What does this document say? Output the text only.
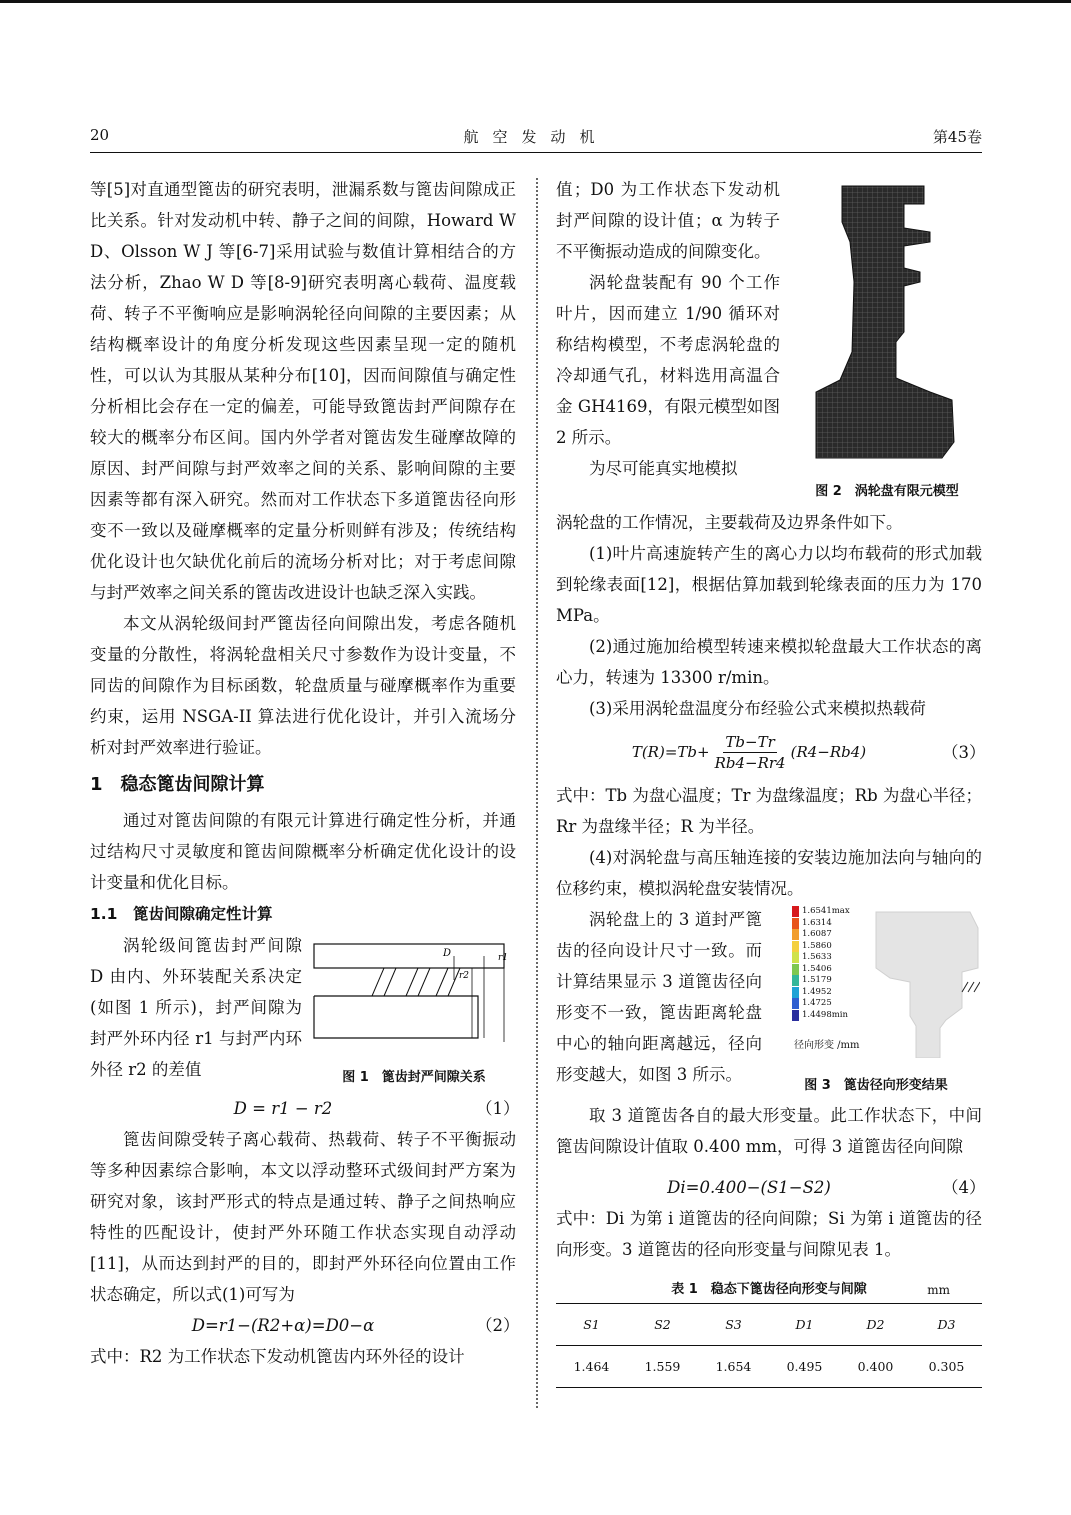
20	航空发动机	第45卷

等[5]对直通型篦齿的研究表明，泄漏系数与篦齿间隙成正比关系。针对发动机中转、静子之间的间隙，Howard W D、Olsson W J 等[6-7]采用试验与数值计算相结合的方法分析，Zhao W D 等[8-9]研究表明离心载荷、温度载荷、转子不平衡响应是影响涡轮径向间隙的主要因素；从结构概率设计的角度分析发现这些因素呈现一定的随机性，可以认为其服从某种分布[10]，因而间隙值与确定性分析相比会存在一定的偏差，可能导致篦齿封严间隙存在较大的概率分布区间。国内外学者对篦齿发生碰摩故障的原因、封严间隙与封严效率之间的关系、影响间隙的主要因素等都有深入研究。然而对工作状态下多道篦齿径向形变不一致以及碰摩概率的定量分析则鲜有涉及；传统结构优化设计也欠缺优化前后的流场分析对比；对于考虑间隙与封严效率之间关系的篦齿改进设计也缺乏深入实践。

本文从涡轮级间封严篦齿径向间隙出发，考虑各随机变量的分散性，将涡轮盘相关尺寸参数作为设计变量，不同齿的间隙作为目标函数，轮盘质量与碰摩概率作为重要约束，运用 NSGA-II 算法进行优化设计，并引入流场分析对封严效率进行验证。

1　稳态篦齿间隙计算

通过对篦齿间隙的有限元计算进行确定性分析，并通过结构尺寸灵敏度和篦齿间隙概率分析确定优化设计的设计变量和优化目标。

1.1　篦齿间隙确定性计算

涡轮级间篦齿封严间隙 D 由内、外环装配关系决定(如图 1 所示)，封严间隙为封严外环内径 r1 与封严内环外径 r2 的差值

D
r2
r1
图 1　篦齿封严间隙关系
D = r1 − r2	（1）

篦齿间隙受转子离心载荷、热载荷、转子不平衡振动等多种因素综合影响，本文以浮动整环式级间封严方案为研究对象，该封严形式的特点是通过转、静子之间热响应特性的匹配设计，使封严外环随工作状态实现自动浮动[11]，从而达到封严的目的，即封严外环径向位置由工作状态确定，所以式(1)可写为

D=r1−(R2+α)=D0−α	（2）

式中：R2 为工作状态下发动机篦齿内环外径的设计

值；D0 为工作状态下发动机封严间隙的设计值；α 为转子不平衡振动造成的间隙变化。

涡轮盘装配有 90 个工作叶片，因而建立 1/90 循环对称结构模型，不考虑涡轮盘的冷却通气孔，材料选用高温合金 GH4169，有限元模型如图 2 所示。

为尽可能真实地模拟

图 2　涡轮盘有限元模型

涡轮盘的工作情况，主要载荷及边界条件如下。

(1)叶片高速旋转产生的离心力以均布载荷的形式加载到轮缘表面[12]，根据估算加载到轮缘表面的压力为 170 MPa。

(2)通过施加给模型转速来模拟轮盘最大工作状态的离心力，转速为 13300 r/min。

(3)采用涡轮盘温度分布经验公式来模拟热载荷

$T(R)=Tb+ \frac{Tb-Tr}{Rb4-Rr4} (R4-Rb4)$	（3）

式中：Tb 为盘心温度；Tr 为盘缘温度；Rb 为盘心半径；Rr 为盘缘半径；R 为半径。

(4)对涡轮盘与高压轴连接的安装边施加法向与轴向的位移约束，模拟涡轮盘安装情况。

涡轮盘上的 3 道封严篦齿的径向设计尺寸一致。而计算结果显示 3 道篦齿径向形变不一致，篦齿距离轮盘中心的轴向距离越远，径向形变越大，如图 3 所示。

1.6541max
1.6314
1.6087
1.5860
1.5633
1.5406
1.5179
1.4952
1.4725
1.4498min
径向形变 /mm
图 3　篦齿径向形变结果

取 3 道篦齿各自的最大形变量。此工作状态下，中间篦齿间隙设计值取 0.400 mm，可得 3 道篦齿径向间隙

Di=0.400−(S1−S2)	（4）

式中：Di 为第 i 道篦齿的径向间隙；Si 为第 i 道篦齿的径向形变。3 道篦齿的径向形变量与间隙见表 1。

表 1　稳态下篦齿径向形变与间隙	mm
S1	S2	S3	D1	D2	D3
1.464	1.559	1.654	0.495	0.400	0.305
